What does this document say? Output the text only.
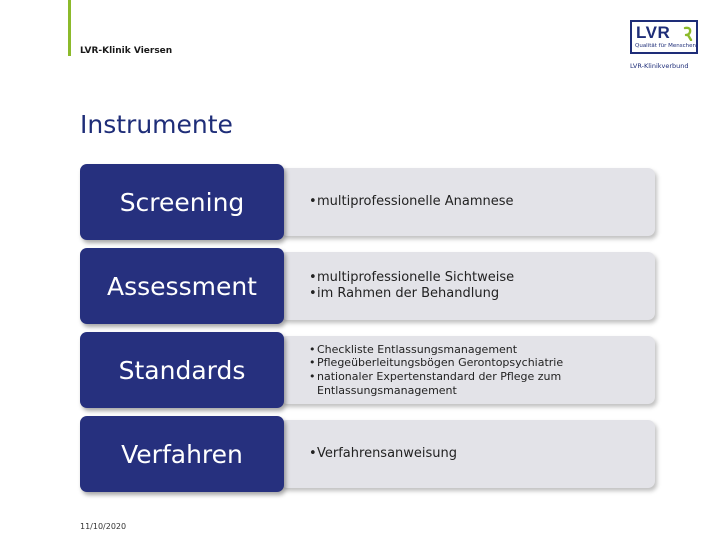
LVR-Klinik Viersen
LVR
Qualität für Menschen
LVR-Klinikverbund
Instrumente
Screening	• multiprofessionelle Anamnese
Assessment	• multiprofessionelle Sichtweise
• im Rahmen der Behandlung
Standards
• Checkliste Entlassungsmanagement
• Pflegeüberleitungsbögen Gerontopsychiatrie
• nationaler Expertenstandard der Pflege zum Entlassungsmanagement
Verfahren	• Verfahrensanweisung
11/10/2020
